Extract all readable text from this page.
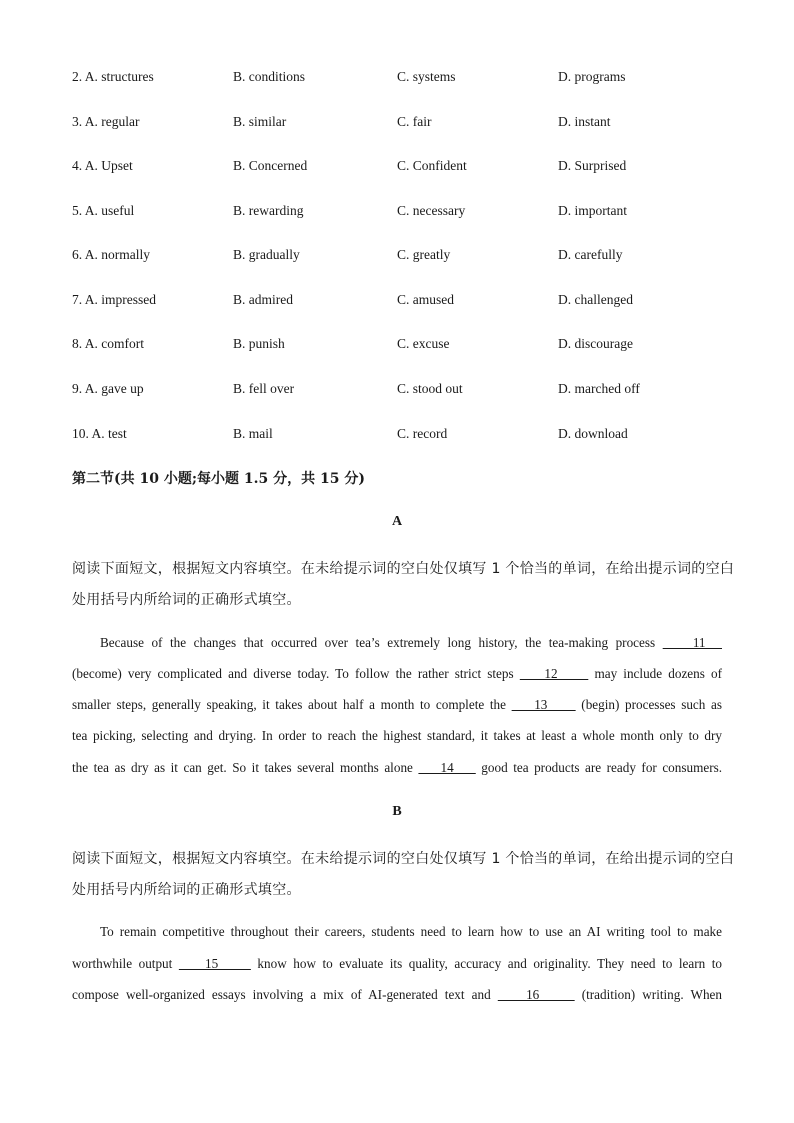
2. A. structures	B. conditions	C. systems	D. programs
3. A. regular	B. similar	C. fair	D. instant
4. A. Upset	B. Concerned	C. Confident	D. Surprised
5. A. useful	B. rewarding	C. necessary	D. important
6. A. normally	B. gradually	C. greatly	D. carefully
7. A. impressed	B. admired	C. amused	D. challenged
8. A. comfort	B. punish	C. excuse	D. discourage
9. A. gave up	B. fell over	C. stood out	D. marched off
10. A. test	B. mail	C. record	D. download
第二节(共 10 小题;每小题 1.5 分，共 15 分)
A
阅读下面短文，根据短文内容填空。在未给提示词的空白处仅填写 1 个恰当的单词，在给出提示词的空白
处用括号内所给词的正确形式填空。
Because of the changes that occurred over tea’s extremely long history, the tea-making process     11
(become) very complicated and diverse today. To follow the rather strict steps     12      may include dozens of
smaller steps, generally speaking, it takes about half a month to complete the     13      (begin) processes such as
tea picking, selecting and drying. In order to reach the highest standard, it takes at least a whole month only to dry
the tea as dry as it can get. So it takes several months alone     14     good tea products are ready for consumers.
B
阅读下面短文，根据短文内容填空。在未给提示词的空白处仅填写 1 个恰当的单词，在给出提示词的空白
处用括号内所给词的正确形式填空。
To remain competitive throughout their careers, students need to learn how to use an AI writing tool to make
worthwhile output     15      know how to evaluate its quality, accuracy and originality. They need to learn to
compose well-organized essays involving a mix of AI-generated text and     16      (tradition) writing. When
